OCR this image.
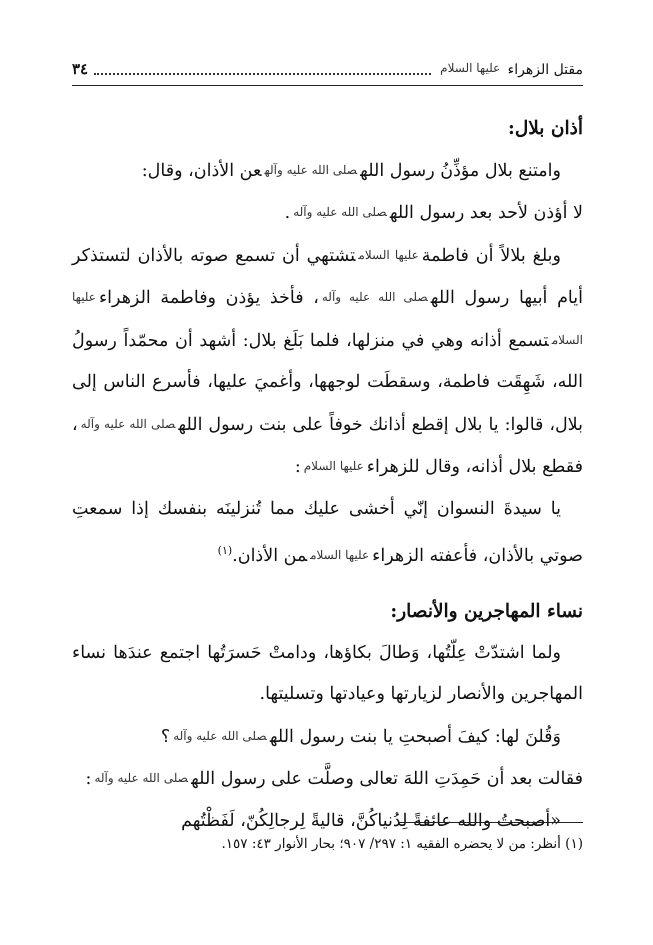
مقتل الزهراء عليها السلام
٣٤

أذان بلال:

وامتنع بلال مؤذِّنُ رسول اللهصلى الله عليه وآلهعن الأذان، وقال:

لا أؤذن لأحد بعد رسول اللهصلى الله عليه وآله.

وبلغ بلالاً أن فاطمةعليها السلامتشتهي أن تسمع صوته بالأذان لتستذكر أيام أبيها رسول اللهصلى الله عليه وآله، فأخذ يؤذن وفاطمة الزهراءعليها السلامتسمع أذانه وهي في منزلها، فلما بَلَغ بلال: أشهد أن محمّداً رسولُ الله، شَهِقَت فاطمة، وسقطَت لوجهها، وأغميَ عليها، فأسرع الناس إلى بلال، قالوا: يا بلال إقطع أذانك خوفاً على بنت رسول اللهصلى الله عليه وآله، فقطع بلال أذانه، وقال للزهراءعليها السلام:

يا سيدةَ النسوان إنّي أخشى عليك مما تُنزلينَه بنفسك إذا سمعتِ صوتي بالأذان، فأعفته الزهراءعليها السلاممن الأذان.$^{(١)}$

نساء المهاجرين والأنصار:

ولما اشتدّتْ عِلّتُها، وَطالَ بكاؤها، ودامتْ حَسرَتُها اجتمع عندَها نساء المهاجرين والأنصار لزيارتها وعيادتها وتسليتها.

وَقُلنَ لها: كيفَ أصبحتِ يا بنت رسول اللهصلى الله عليه وآله؟

فقالت بعد أن حَمِدَتِ اللهَ تعالى وصلَّت على رسول اللهصلى الله عليه وآله:

«أصبحتُ والله عائفةً لِدُنياكُنَّ، قاليةً لِرجالِكُنّ، لَفَظْتُهم

(١) أنظر: من لا يحضره الفقيه ١: ٢٩٧/ ٩٠٧؛ بحار الأنوار ٤٣: ١٥٧.
